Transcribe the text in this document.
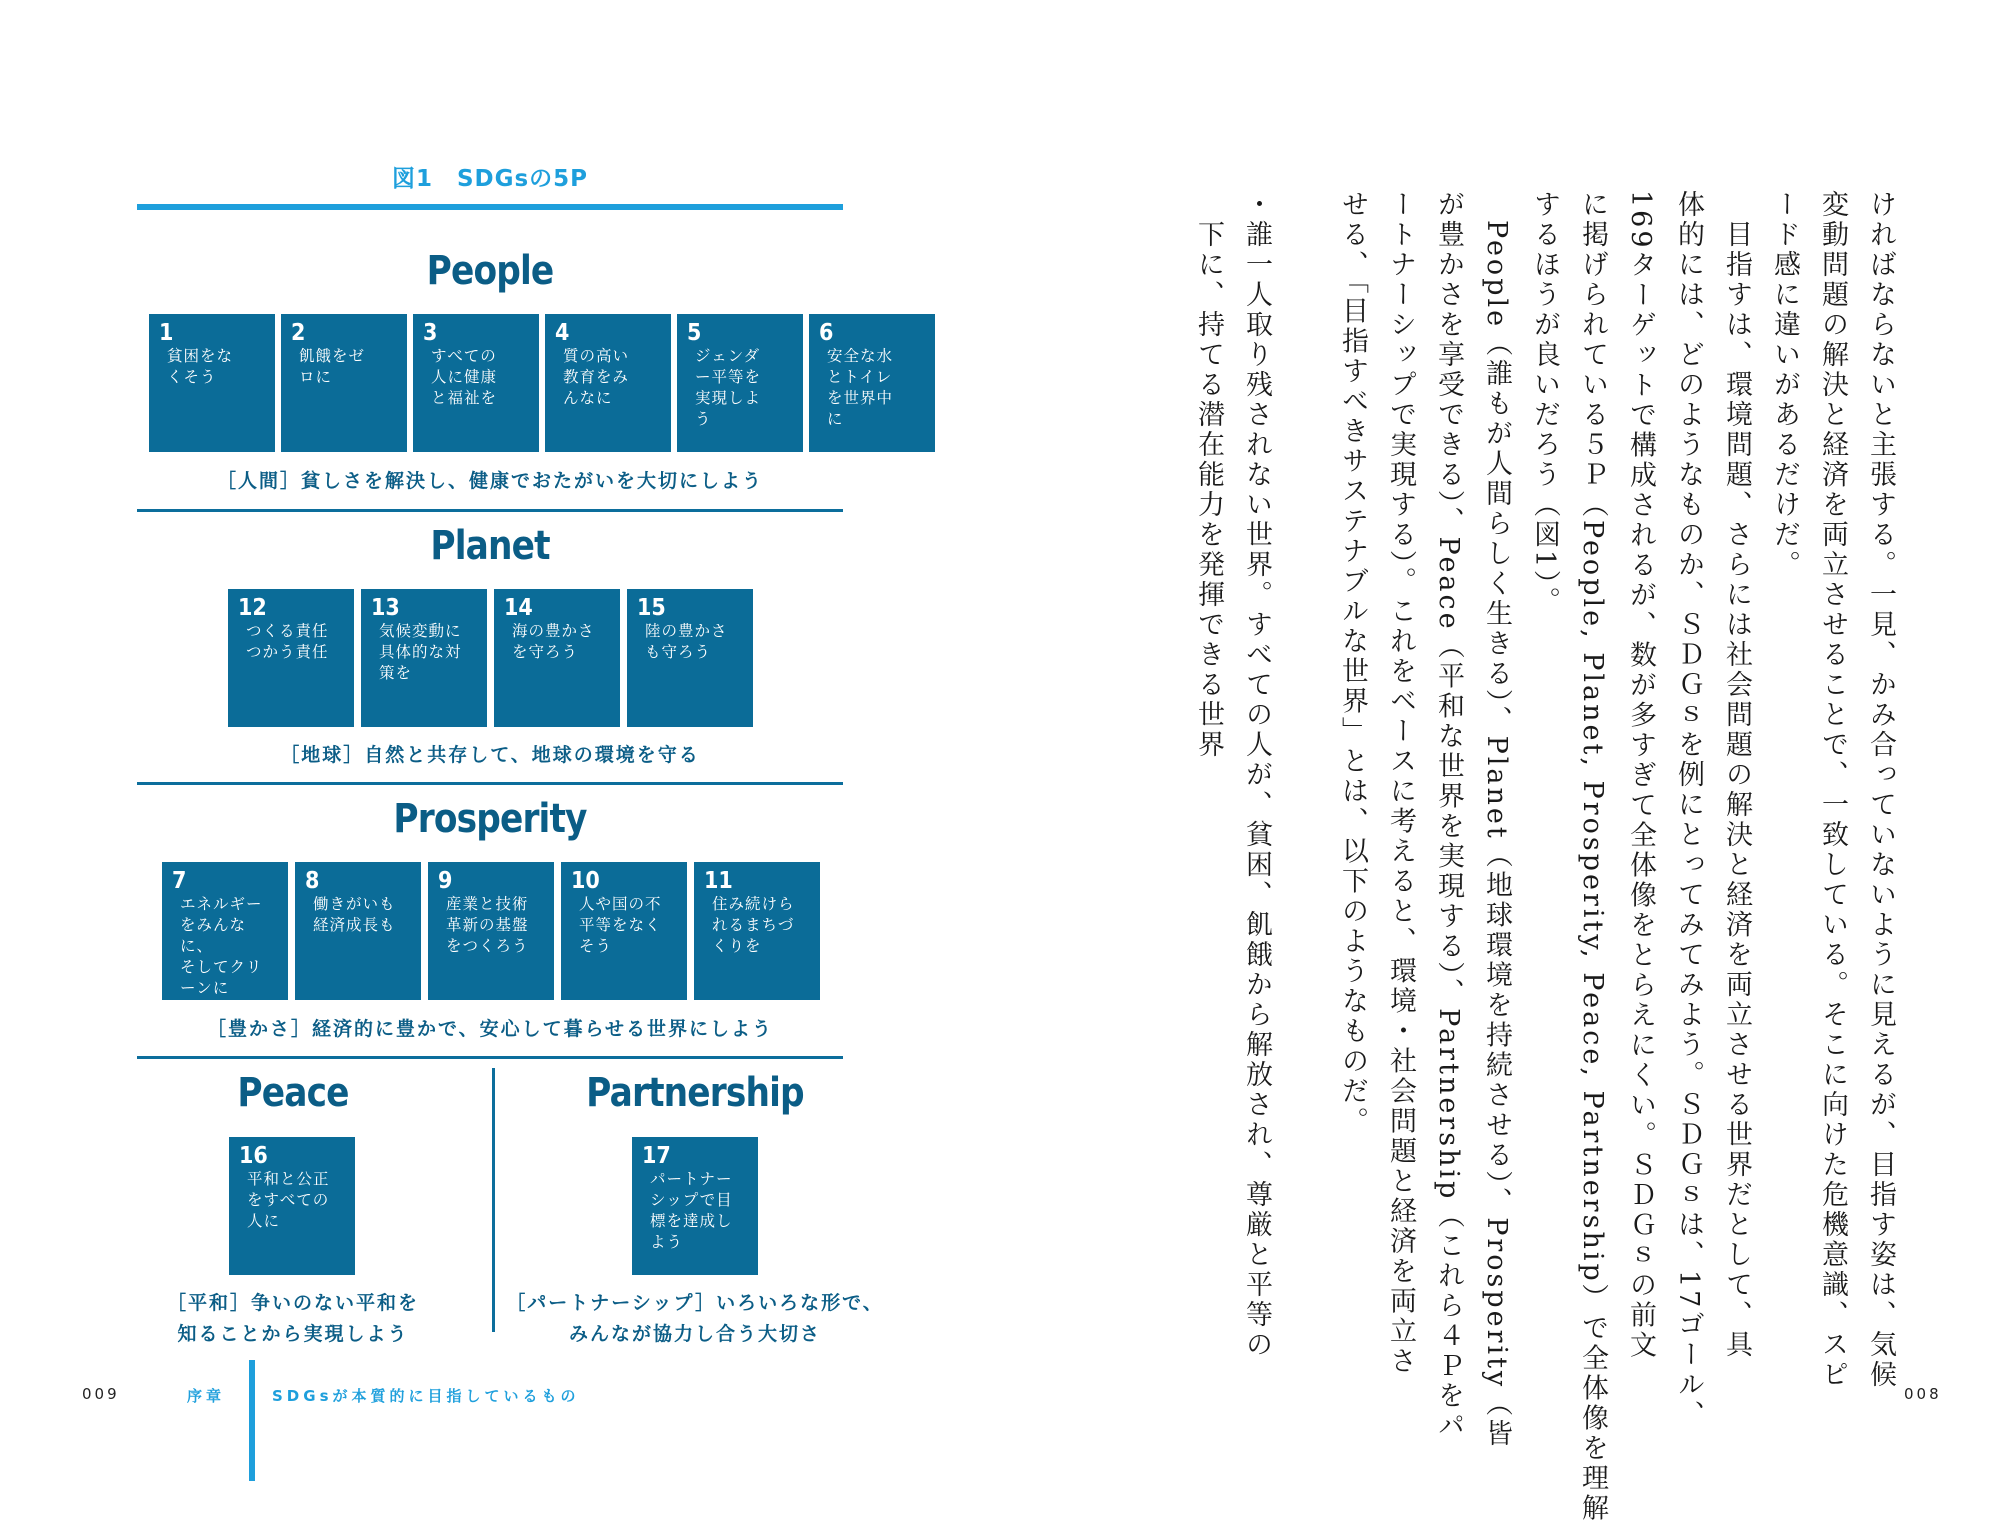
図1　SDGsの5P
People
1
貧困をな
くそう
2
飢餓をゼ
ロに
3
すべての
人に健康
と福祉を
4
質の高い
教育をみ
んなに
5
ジェンダ
ー平等を
実現しよ
う
6
安全な水
とトイレ
を世界中
に
［人間］貧しさを解決し、健康でおたがいを大切にしよう
Planet
12
つくる責任
つかう責任
13
気候変動に
具体的な対
策を
14
海の豊かさ
を守ろう
15
陸の豊かさ
も守ろう
［地球］自然と共存して、地球の環境を守る
Prosperity
7
エネルギー
をみんなに、
そしてクリ
ーンに
8
働きがいも
経済成長も
9
産業と技術
革新の基盤
をつくろう
10
人や国の不
平等をなく
そう
11
住み続けら
れるまちづ
くりを
［豊かさ］経済的に豊かで、安心して暮らせる世界にしよう
Peace
16
平和と公正
をすべての
人に
［平和］争いのない平和を
知ることから実現しよう
Partnership
17
パートナー
シップで目
標を達成し
よう
［パートナーシップ］いろいろな形で、
みんなが協力し合う大切さ
009	序章	SDGsが本質的に目指しているもの	008
ければならないと主張する。一見、かみ合っていないように見えるが、目指す姿は、気候
変動問題の解決と経済を両立させることで、一致している。そこに向けた危機意識、スピ
ード感に違いがあるだけだ。
　目指すは、環境問題、さらには社会問題の解決と経済を両立させる世界だとして、具
体的には、どのようなものか、ＳＤＧｓを例にとってみてみよう。ＳＤＧｓは、17ゴール、
169ターゲットで構成されるが、数が多すぎて全体像をとらえにくい。ＳＤＧｓの前文
に掲げられている５Ｐ（People, Planet, Prosperity, Peace, Partnership）で全体像を理解
するほうが良いだろう（図1）。
　People（誰もが人間らしく生きる）、Planet（地球環境を持続させる）、Prosperity（皆
が豊かさを享受できる）、Peace（平和な世界を実現する）、Partnership（これら４Ｐをパ
ートナーシップで実現する）。これをベースに考えると、環境・社会問題と経済を両立さ
せる、「目指すべきサステナブルな世界」とは、以下のようなものだ。
・誰一人取り残されない世界。すべての人が、貧困、飢餓から解放され、尊厳と平等の
　下に、持てる潜在能力を発揮できる世界
